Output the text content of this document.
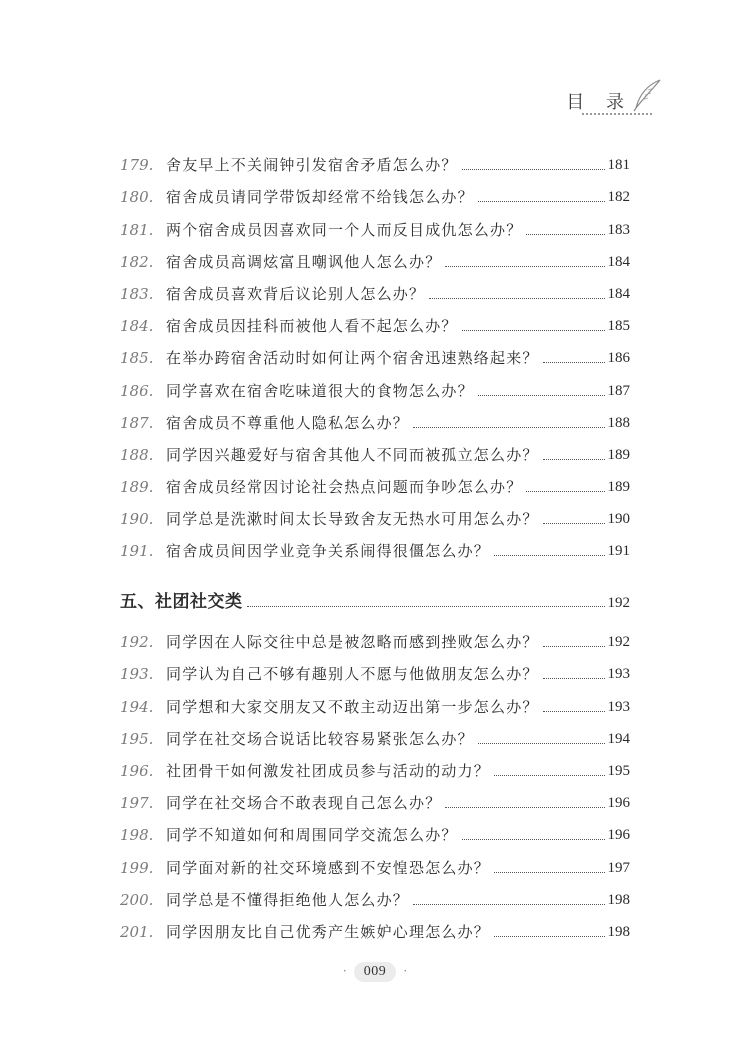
目 录
179. 舍友早上不关闹钟引发宿舍矛盾怎么办？	181
180. 宿舍成员请同学带饭却经常不给钱怎么办？	182
181. 两个宿舍成员因喜欢同一个人而反目成仇怎么办？	183
182. 宿舍成员高调炫富且嘲讽他人怎么办？	184
183. 宿舍成员喜欢背后议论别人怎么办？	184
184. 宿舍成员因挂科而被他人看不起怎么办？	185
185. 在举办跨宿舍活动时如何让两个宿舍迅速熟络起来？	186
186. 同学喜欢在宿舍吃味道很大的食物怎么办？	187
187. 宿舍成员不尊重他人隐私怎么办？	188
188. 同学因兴趣爱好与宿舍其他人不同而被孤立怎么办？	189
189. 宿舍成员经常因讨论社会热点问题而争吵怎么办？	189
190. 同学总是洗漱时间太长导致舍友无热水可用怎么办？	190
191. 宿舍成员间因学业竞争关系闹得很僵怎么办？	191
五、社团社交类	192
192. 同学因在人际交往中总是被忽略而感到挫败怎么办？	192
193. 同学认为自己不够有趣别人不愿与他做朋友怎么办？	193
194. 同学想和大家交朋友又不敢主动迈出第一步怎么办？	193
195. 同学在社交场合说话比较容易紧张怎么办？	194
196. 社团骨干如何激发社团成员参与活动的动力？	195
197. 同学在社交场合不敢表现自己怎么办？	196
198. 同学不知道如何和周围同学交流怎么办？	196
199. 同学面对新的社交环境感到不安惶恐怎么办？	197
200. 同学总是不懂得拒绝他人怎么办？	198
201. 同学因朋友比自己优秀产生嫉妒心理怎么办？	198
· 009 ·
